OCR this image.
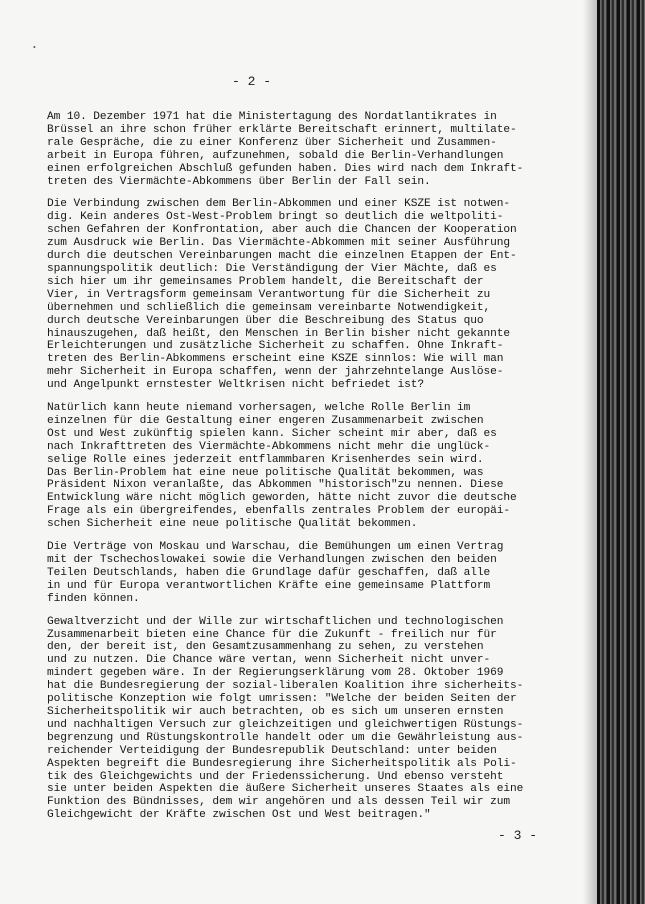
•
- 2 -
Am 10. Dezember 1971 hat die Ministertagung des Nordatlantikrates in
Brüssel an ihre schon früher erklärte Bereitschaft erinnert, multilate-
rale Gespräche, die zu einer Konferenz über Sicherheit und Zusammen-
arbeit in Europa führen, aufzunehmen, sobald die Berlin-Verhandlungen
einen erfolgreichen Abschluß gefunden haben. Dies wird nach dem Inkraft-
treten des Viermächte-Abkommens über Berlin der Fall sein.
Die Verbindung zwischen dem Berlin-Abkommen und einer KSZE ist notwen-
dig. Kein anderes Ost-West-Problem bringt so deutlich die weltpoliti-
schen Gefahren der Konfrontation, aber auch die Chancen der Kooperation
zum Ausdruck wie Berlin. Das Viermächte-Abkommen mit seiner Ausführung
durch die deutschen Vereinbarungen macht die einzelnen Etappen der Ent-
spannungspolitik deutlich: Die Verständigung der Vier Mächte, daß es
sich hier um ihr gemeinsames Problem handelt, die Bereitschaft der
Vier, in Vertragsform gemeinsam Verantwortung für die Sicherheit zu
übernehmen und schließlich die gemeinsam vereinbarte Notwendigkeit,
durch deutsche Vereinbarungen über die Beschreibung des Status quo
hinauszugehen, daß heißt, den Menschen in Berlin bisher nicht gekannte
Erleichterungen und zusätzliche Sicherheit zu schaffen. Ohne Inkraft-
treten des Berlin-Abkommens erscheint eine KSZE sinnlos: Wie will man
mehr Sicherheit in Europa schaffen, wenn der jahrzehntelange Auslöse-
und Angelpunkt ernstester Weltkrisen nicht befriedet ist?
Natürlich kann heute niemand vorhersagen, welche Rolle Berlin im
einzelnen für die Gestaltung einer engeren Zusammenarbeit zwischen
Ost und West zukünftig spielen kann. Sicher scheint mir aber, daß es
nach Inkrafttreten des Viermächte-Abkommens nicht mehr die unglück-
selige Rolle eines jederzeit entflammbaren Krisenherdes sein wird.
Das Berlin-Problem hat eine neue politische Qualität bekommen, was
Präsident Nixon veranlaßte, das Abkommen "historisch"zu nennen. Diese
Entwicklung wäre nicht möglich geworden, hätte nicht zuvor die deutsche
Frage als ein übergreifendes, ebenfalls zentrales Problem der europäi-
schen Sicherheit eine neue politische Qualität bekommen.
Die Verträge von Moskau und Warschau, die Bemühungen um einen Vertrag
mit der Tschechoslowakei sowie die Verhandlungen zwischen den beiden
Teilen Deutschlands, haben die Grundlage dafür geschaffen, daß alle
in und für Europa verantwortlichen Kräfte eine gemeinsame Plattform
finden können.
Gewaltverzicht und der Wille zur wirtschaftlichen und technologischen
Zusammenarbeit bieten eine Chance für die Zukunft - freilich nur für
den, der bereit ist, den Gesamtzusammenhang zu sehen, zu verstehen
und zu nutzen. Die Chance wäre vertan, wenn Sicherheit nicht unver-
mindert gegeben wäre. In der Regierungserklärung vom 28. Oktober 1969
hat die Bundesregierung der sozial-liberalen Koalition ihre sicherheits-
politische Konzeption wie folgt umrissen: "Welche der beiden Seiten der
Sicherheitspolitik wir auch betrachten, ob es sich um unseren ernsten
und nachhaltigen Versuch zur gleichzeitigen und gleichwertigen Rüstungs-
begrenzung und Rüstungskontrolle handelt oder um die Gewährleistung aus-
reichender Verteidigung der Bundesrepublik Deutschland: unter beiden
Aspekten begreift die Bundesregierung ihre Sicherheitspolitik als Poli-
tik des Gleichgewichts und der Friedenssicherung. Und ebenso versteht
sie unter beiden Aspekten die äußere Sicherheit unseres Staates als eine
Funktion des Bündnisses, dem wir angehören und als dessen Teil wir zum
Gleichgewicht der Kräfte zwischen Ost und West beitragen."
- 3 -
